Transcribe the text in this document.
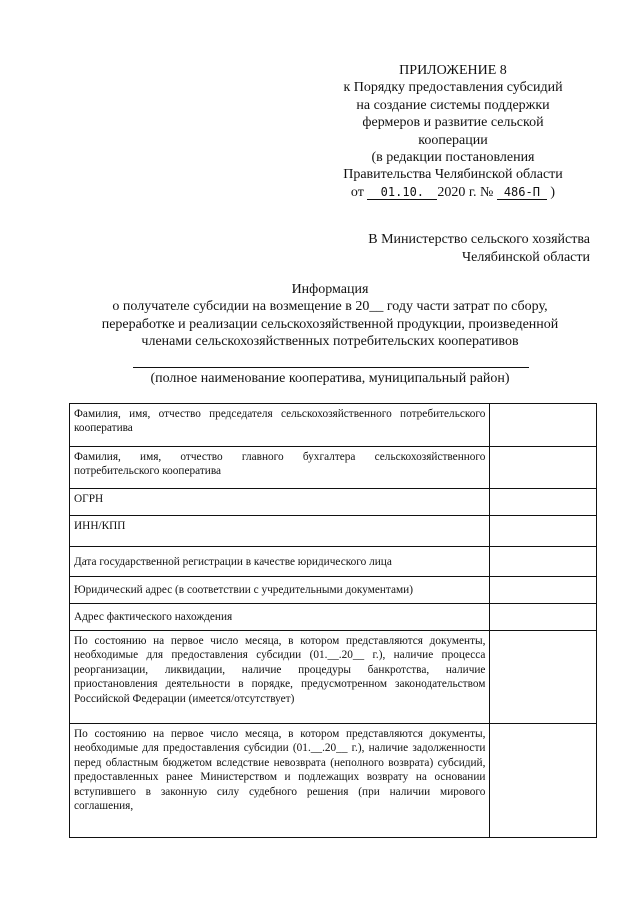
ПРИЛОЖЕНИЕ 8
к Порядку предоставления субсидий
на создание системы поддержки
фермеров и развитие сельской
кооперации
(в редакции постановления
Правительства Челябинской области
от 01.10. 2020 г. № 486-П )
В Министерство сельского хозяйства
Челябинской области
Информация
о получателе субсидии на возмещение в 20__ году части затрат по сбору,
переработке и реализации сельскохозяйственной продукции, произведенной
членами сельскохозяйственных потребительских кооперативов
(полное наименование кооператива, муниципальный район)
Фамилия, имя, отчество председателя сельскохозяйственного потребительского кооператива	
Фамилия, имя, отчество главного бухгалтера сельскохозяйственного потребительского кооператива	
ОГРН	
ИНН/КПП	
Дата государственной регистрации в качестве юридического лица	
Юридический адрес (в соответствии с учредительными документами)	
Адрес фактического нахождения	
По состоянию на первое число месяца, в котором представляются документы, необходимые для предоставления субсидии (01.__.20__ г.), наличие процесса реорганизации, ликвидации, наличие процедуры банкротства, наличие приостановления деятельности в порядке, предусмотренном законодательством Российской Федерации (имеется/отсутствует)	
По состоянию на первое число месяца, в котором представляются документы, необходимые для предоставления субсидии (01.__.20__ г.), наличие задолженности перед областным бюджетом вследствие невозврата (неполного возврата) субсидий, предоставленных ранее Министерством и подлежащих возврату на основании вступившего в законную силу судебного решения (при наличии мирового соглашения,	
